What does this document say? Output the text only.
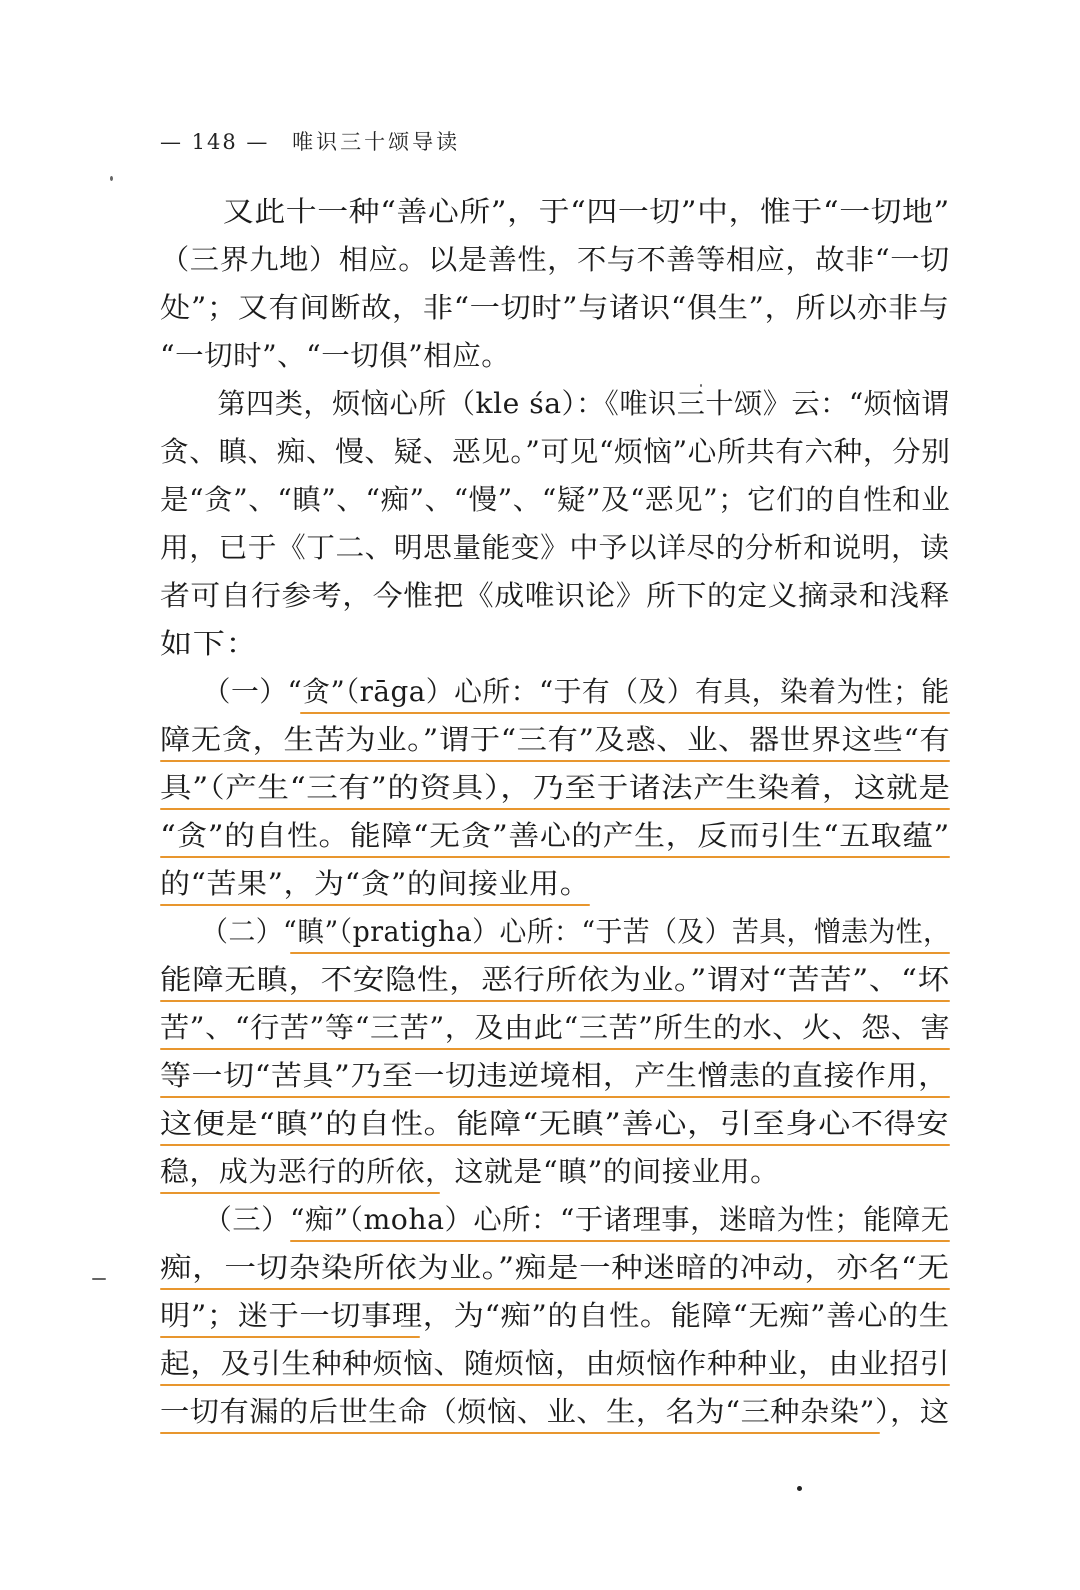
— 148 — 唯识三十颂导读
　　又此十一种“善心所”，于“四一切”中，惟于“一切地”
（三界九地）相应。以是善性，不与不善等相应，故非“一切
处”；又有间断故，非“一切时”与诸识“俱生”，所以亦非与
“一切时”、“一切俱”相应。
　　第四类，烦恼心所（kle śa）：《唯识三十颂》云：“烦恼谓
贪、瞋、痴、慢、疑、恶见。”可见“烦恼”心所共有六种，分别
是“贪”、“瞋”、“痴”、“慢”、“疑”及“恶见”；它们的自性和业
用，已于《丁二、明思量能变》中予以详尽的分析和说明，读
者可自行参考，今惟把《成唯识论》所下的定义摘录和浅释
如下：
　　（一）“贪”（rāga）心所：“于有（及）有具，染着为性；能
障无贪，生苦为业。”谓于“三有”及惑、业、器世界这些“有
具”（产生“三有”的资具），乃至于诸法产生染着，这就是
“贪”的自性。能障“无贪”善心的产生，反而引生“五取蕴”
的“苦果”，为“贪”的间接业用。
　　（二）“瞋”（pratigha）心所：“于苦（及）苦具，憎恚为性，
能障无瞋，不安隐性，恶行所依为业。”谓对“苦苦”、“坏
苦”、“行苦”等“三苦”，及由此“三苦”所生的水、火、怨、害
等一切“苦具”乃至一切违逆境相，产生憎恚的直接作用，
这便是“瞋”的自性。能障“无瞋”善心，引至身心不得安
稳，成为恶行的所依，这就是“瞋”的间接业用。
　　（三）“痴”（moha）心所：“于诸理事，迷暗为性；能障无
痴，一切杂染所依为业。”痴是一种迷暗的冲动，亦名“无
明”；迷于一切事理，为“痴”的自性。能障“无痴”善心的生
起，及引生种种烦恼、随烦恼，由烦恼作种种业，由业招引
一切有漏的后世生命（烦恼、业、生，名为“三种杂染”），这
